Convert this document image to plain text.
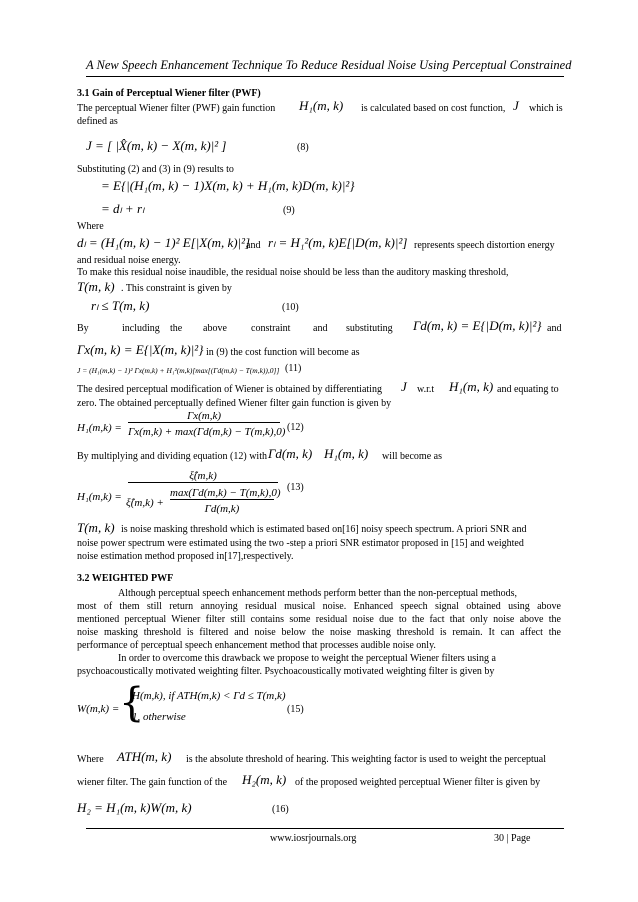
A New Speech Enhancement Technique To Reduce Residual Noise Using Perceptual Constrained
3.1 Gain of Perceptual Wiener filter (PWF)
The perceptual Wiener filter (PWF) gain function H₁(m, k) is calculated based on cost function, J which is
defined as
J = [ |X̂(m, k) − X(m, k)|² ]	(8)
Substituting (2) and (3) in (9) results to
= E{|(H₁(m, k) − 1)X(m, k) + H₁(m, k)D(m, k)|²}
= dₗ + rₗ	(9)
Where
dₗ = (H₁(m, k) − 1)² E[|X(m, k)|²]
and rₗ = H₁²(m, k)E[|D(m, k)|²] represents speech distortion energy
and residual noise energy.
To make this residual noise inaudible, the residual noise should be less than the auditory masking threshold,
T(m, k) . This constraint is given by
rₗ ≤ T(m, k)	(10)
By	including the above constraint and substituting Γd(m, k) = E{|D(m, k)|²} and
Γx(m, k) = E{|X(m, k)|²} in (9) the cost function will become as
J = (H₁(m,k) − 1)² Γx(m,k) + H₁²(m,k)[max[(Γd(m,k) − T(m,k)),0]] (11)
The desired perceptual modification of Wiener is obtained by differentiating J w.r.t H₁(m, k) and equating to
zero. The obtained perceptually defined Wiener filter gain function is given by
H₁(m,k) =
Γx(m,k)
Γx(m,k) + max(Γd(m,k) − T(m,k),0) (12)
By multiplying and dividing equation (12) with Γd(m, k) H₁(m, k) will become as
H₁(m,k) =
ξ̂(m,k)
ξ̂(m,k) +
max(Γd(m,k) − T(m,k),0)
Γd(m,k)
(13)
T(m, k) is noise masking threshold which is estimated based on[16] noisy speech spectrum. A priori SNR and
noise power spectrum were estimated using the two -step a priori SNR estimator proposed in [15] and weighted
noise estimation method proposed in[17],respectively.
3.2 WEIGHTED PWF
Although perceptual speech enhancement methods perform better than the non-perceptual methods,
most of them still return annoying residual musical noise. Enhanced speech signal obtained using above
mentioned perceptual Wiener filter still contains some residual noise due to the fact that only noise above the
noise masking threshold is filtered and noise below the noise masking threshold is remain. It can affect the
performance of perceptual speech enhancement method that processes audible noise only.
In order to overcome this drawback we propose to weight the perceptual Wiener filters using a
psychoacoustically motivated weighting filter. Psychoacoustically motivated weighting filter is given by
W(m,k) = {
H(m,k), if ATH(m,k) < Γd ≤ T(m,k)
1, otherwise
(15)
Where ATH(m, k) is the absolute threshold of hearing. This weighting factor is used to weight the perceptual
wiener filter. The gain function of the H₂(m, k) of the proposed weighted perceptual Wiener filter is given by
H₂ = H₁(m, k)W(m, k)	(16)
www.iosrjournals.org	30 | Page
